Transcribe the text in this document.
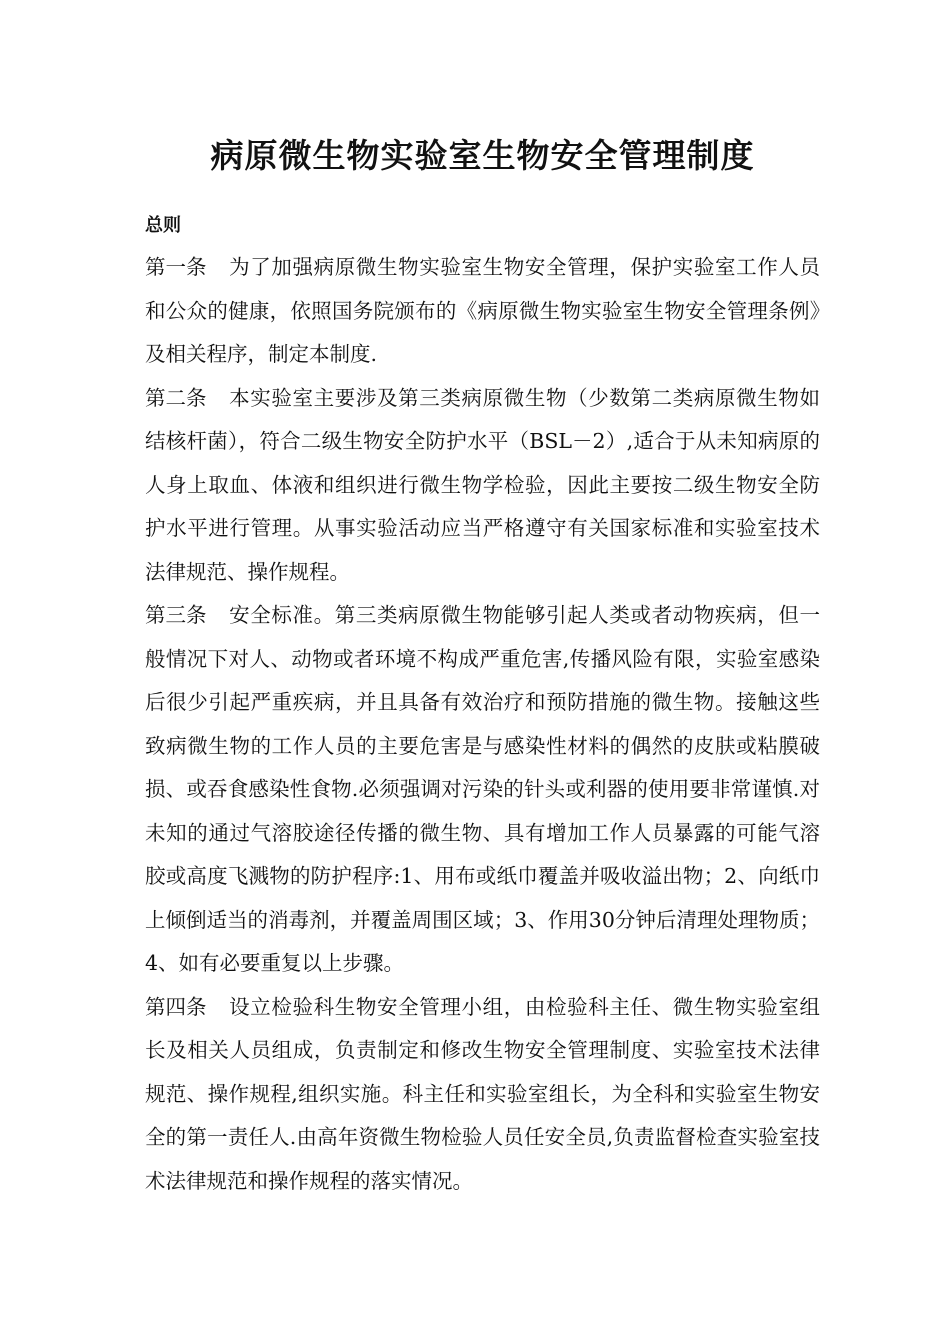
病原微生物实验室生物安全管理制度

总则

第一条 为了加强病原微生物实验室生物安全管理，保护实验室工作人员和公众的健康，依照国务院颁布的《病原微生物实验室生物安全管理条例》及相关程序，制定本制度.

第二条 本实验室主要涉及第三类病原微生物（少数第二类病原微生物如结核杆菌），符合二级生物安全防护水平（BSL－2）,适合于从未知病原的人身上取血、体液和组织进行微生物学检验，因此主要按二级生物安全防护水平进行管理。从事实验活动应当严格遵守有关国家标准和实验室技术法律规范、操作规程。

第三条 安全标准。第三类病原微生物能够引起人类或者动物疾病，但一般情况下对人、动物或者环境不构成严重危害,传播风险有限，实验室感染后很少引起严重疾病，并且具备有效治疗和预防措施的微生物。接触这些致病微生物的工作人员的主要危害是与感染性材料的偶然的皮肤或粘膜破损、或吞食感染性食物.必须强调对污染的针头或利器的使用要非常谨慎.对未知的通过气溶胶途径传播的微生物、具有增加工作人员暴露的可能气溶胶或高度飞溅物的防护程序:1、用布或纸巾覆盖并吸收溢出物；2、向纸巾上倾倒适当的消毒剂，并覆盖周围区域；3、作用30分钟后清理处理物质；4、如有必要重复以上步骤。

第四条 设立检验科生物安全管理小组，由检验科主任、微生物实验室组长及相关人员组成，负责制定和修改生物安全管理制度、实验室技术法律规范、操作规程,组织实施。科主任和实验室组长，为全科和实验室生物安全的第一责任人.由高年资微生物检验人员任安全员,负责监督检查实验室技术法律规范和操作规程的落实情况。
